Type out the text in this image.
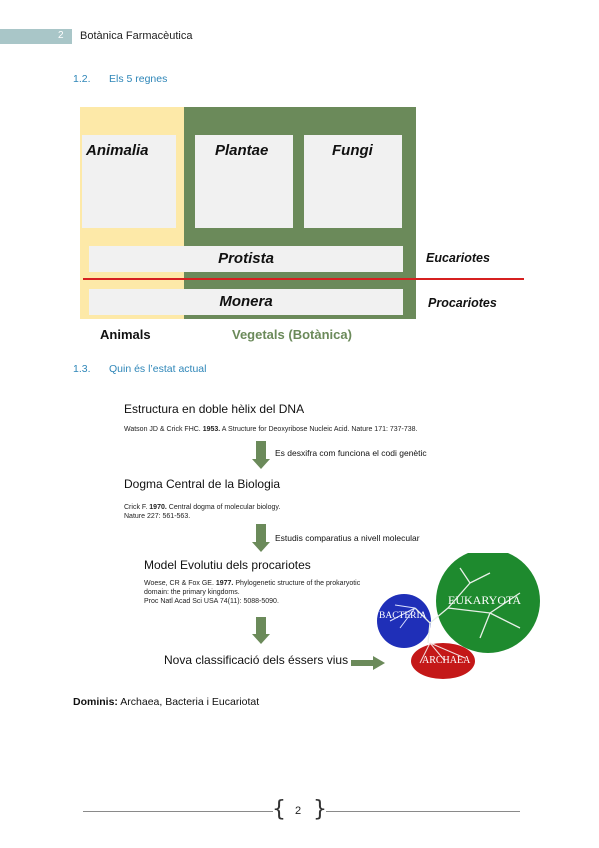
2 Botànica Farmacèutica
1.2. Els 5 regnes
Animalia	Plantae	Fungi
Protista
Monera
Eucariotes
Procariotes
Animals	Vegetals (Botànica)
1.3. Quin és l’estat actual
Estructura en doble hèlix del DNA
Watson JD & Crick FHC. 1953. A Structure for Deoxyribose Nucleic Acid. Nature 171: 737-738.
Es desxifra com funciona el codi genètic
Dogma Central de la Biologia
Crick F. 1970. Central dogma of molecular biology.
Nature 227: 561-563.
Estudis comparatius a nivell molecular
Model Evolutiu dels procariotes
Woese, CR & Fox GE. 1977. Phylogenetic structure of the prokaryotic
domain: the primary kingdoms.
Proc Natl Acad Sci USA 74(11): 5088-5090.
Nova classificació dels éssers vius
EUKARYOTA
BACTERIA
ARCHAEA
Dominis: Archaea, Bacteria i Eucariotat
{ }
2
